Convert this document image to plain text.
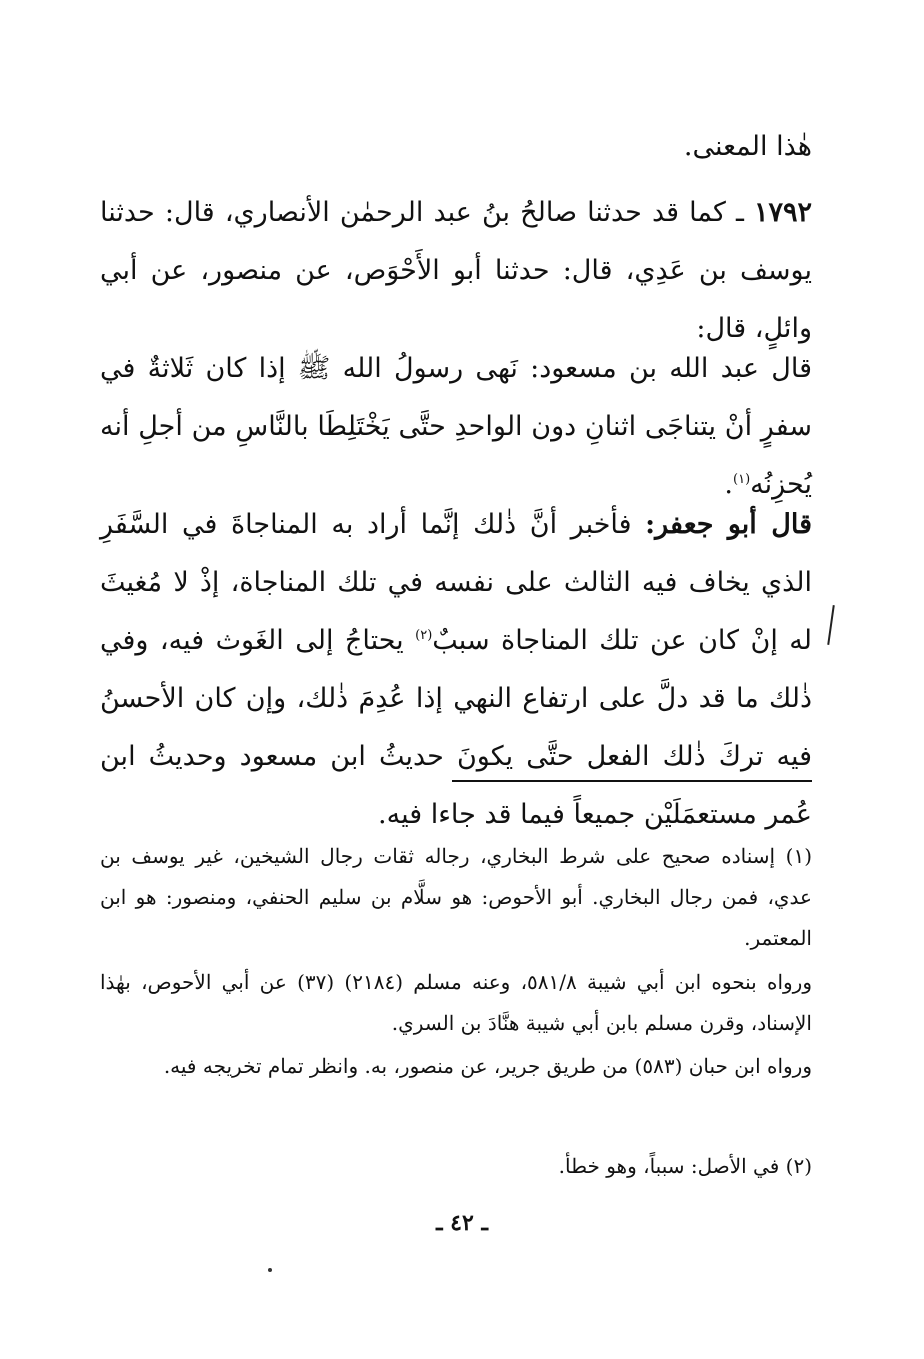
هٰذا المعنى.
١٧٩٢ ـ كما قد حدثنا صالحُ بنُ عبد الرحمٰن الأنصاري، قال: حدثنا يوسف بن عَدِي، قال: حدثنا أبو الأَحْوَص، عن منصور، عن أبي وائلٍ، قال:
قال عبد الله بن مسعود: نَهى رسولُ الله ﷺ إذا كان ثَلاثةٌ في سفرٍ أنْ يتناجَى اثنانِ دون الواحدِ حتَّى يَخْتَلِطَا بالنَّاسِ من أجلِ أنه يُحزِنُه$^{(١)}$.
قال أبو جعفر: فأخبر أنَّ ذٰلك إنَّما أراد به المناجاةَ في السَّفَرِ الذي يخاف فيه الثالث على نفسه في تلك المناجاة، إذْ لا مُغيثَ له إنْ كان عن تلك المناجاة سببٌ$^{(٢)}$ يحتاجُ إلى الغَوث فيه، وفي ذٰلك ما قد دلَّ على ارتفاع النهي إذا عُدِمَ ذٰلك، وإن كان الأحسنُ فيه تركَ ذٰلك الفعل حتَّى يكونَ حديثُ ابن مسعود وحديثُ ابن عُمر مستعمَلَيْن جميعاً فيما قد جاءا فيه.
(١) إسناده صحيح على شرط البخاري، رجاله ثقات رجال الشيخين، غير يوسف بن عدي، فمن رجال البخاري. أبو الأحوص: هو سلَّام بن سليم الحنفي، ومنصور: هو ابن المعتمر.
ورواه بنحوه ابن أبي شيبة ٥٨١/٨، وعنه مسلم (٢١٨٤) (٣٧) عن أبي الأحوص، بهٰذا الإسناد، وقرن مسلم بابن أبي شيبة هنَّادَ بن السري.
ورواه ابن حبان (٥٨٣) من طريق جرير، عن منصور، به. وانظر تمام تخريجه فيه.
(٢) في الأصل: سبباً، وهو خطأ.
ـ ٤٢ ـ
